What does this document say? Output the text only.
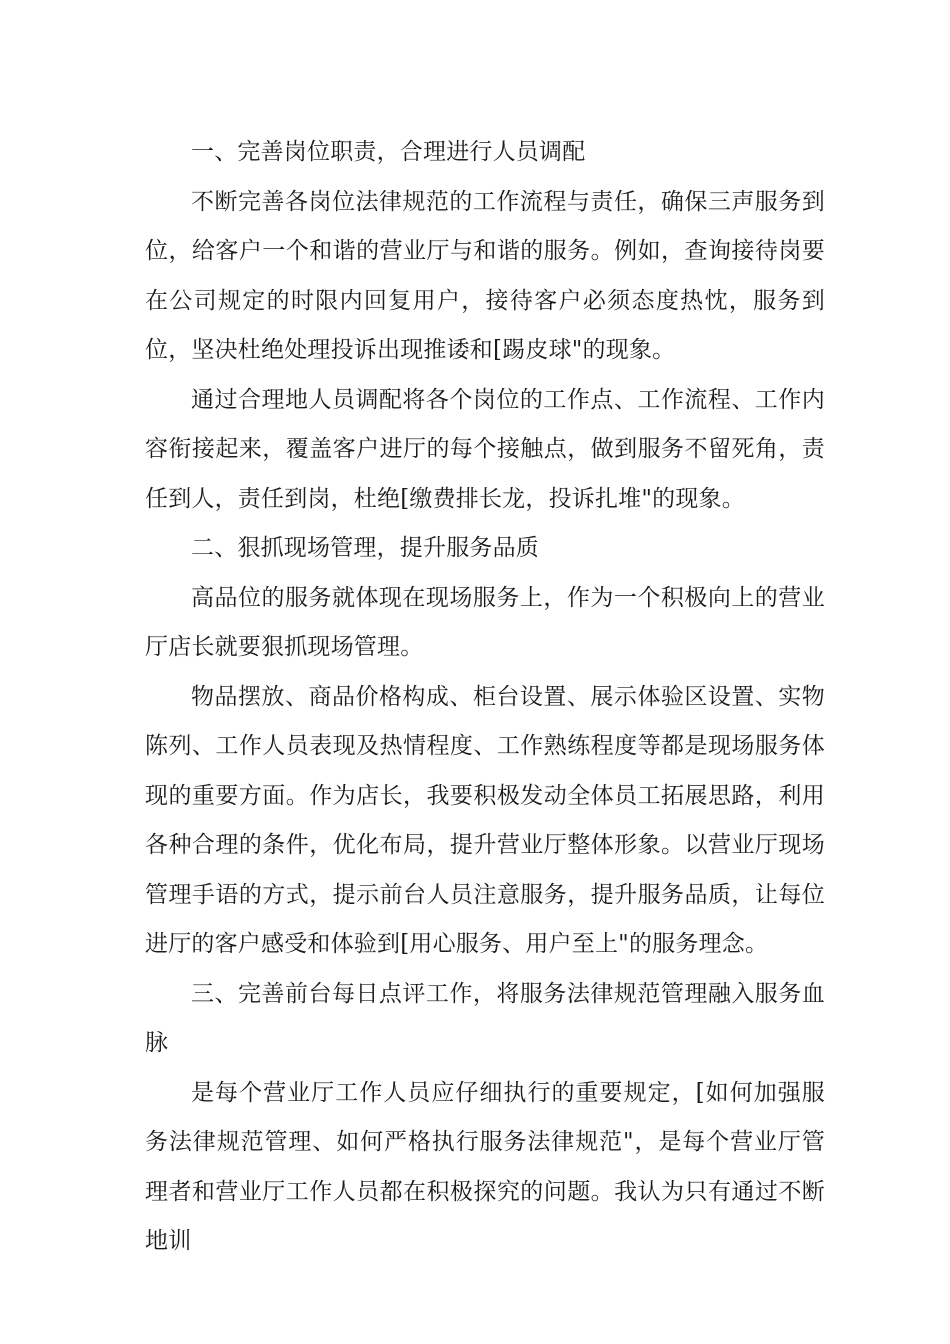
一、完善岗位职责，合理进行人员调配

不断完善各岗位法律规范的工作流程与责任，确保三声服务到位，给客户一个和谐的营业厅与和谐的服务。例如，查询接待岗要在公司规定的时限内回复用户，接待客户必须态度热忱，服务到位，坚决杜绝处理投诉出现推诿和[踢皮球"的现象。

通过合理地人员调配将各个岗位的工作点、工作流程、工作内容衔接起来，覆盖客户进厅的每个接触点，做到服务不留死角，责任到人，责任到岗，杜绝[缴费排长龙，投诉扎堆"的现象。

二、狠抓现场管理，提升服务品质

高品位的服务就体现在现场服务上，作为一个积极向上的营业厅店长就要狠抓现场管理。

物品摆放、商品价格构成、柜台设置、展示体验区设置、实物陈列、工作人员表现及热情程度、工作熟练程度等都是现场服务体现的重要方面。作为店长，我要积极发动全体员工拓展思路，利用各种合理的条件，优化布局，提升营业厅整体形象。以营业厅现场管理手语的方式，提示前台人员注意服务，提升服务品质，让每位进厅的客户感受和体验到[用心服务、用户至上"的服务理念。

三、完善前台每日点评工作，将服务法律规范管理融入服务血脉

是每个营业厅工作人员应仔细执行的重要规定，[如何加强服务法律规范管理、如何严格执行服务法律规范"，是每个营业厅管理者和营业厅工作人员都在积极探究的问题。我认为只有通过不断地训
